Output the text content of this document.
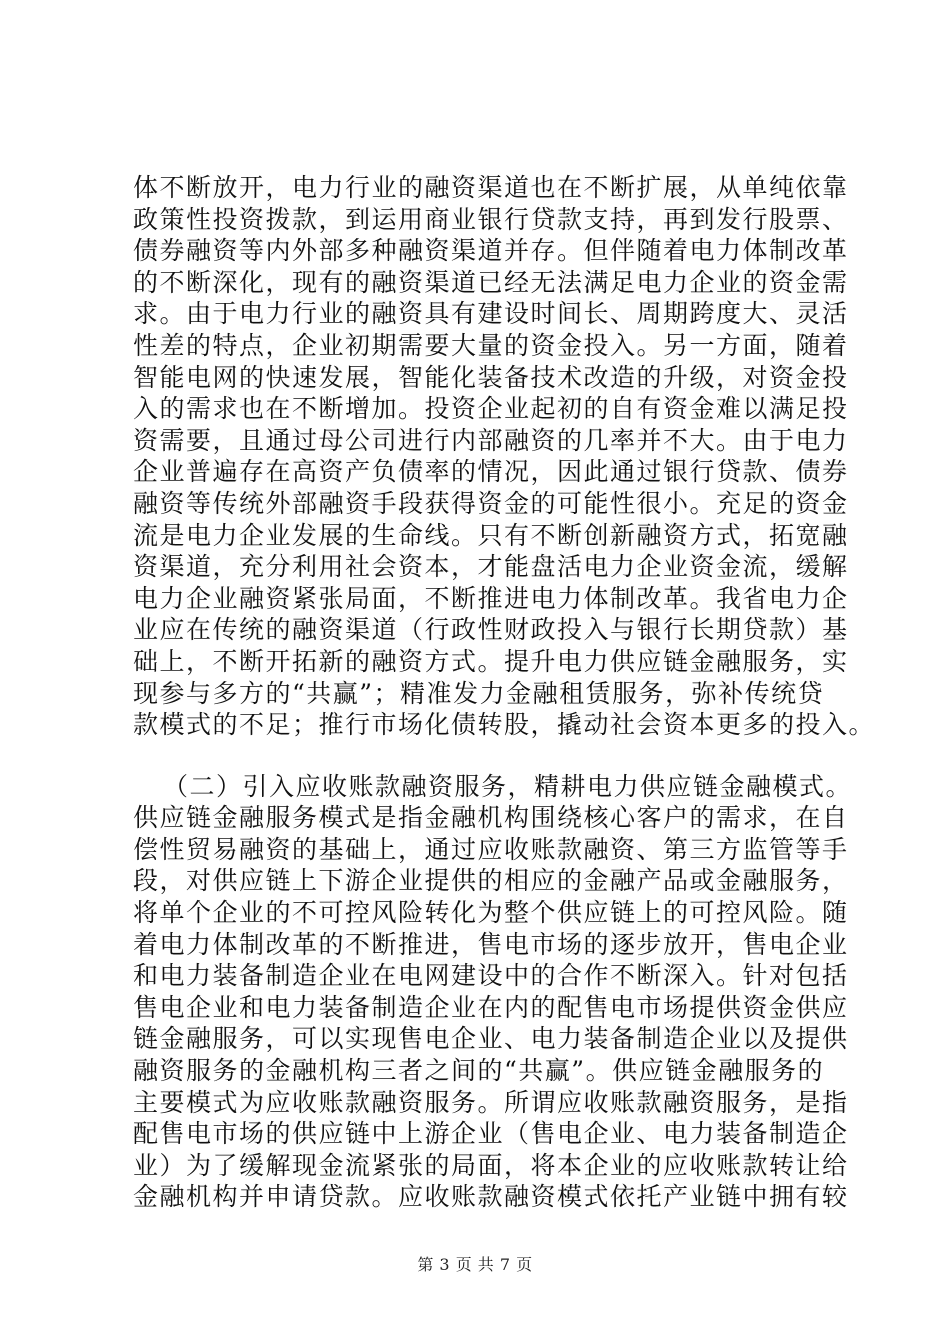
体不断放开，电力行业的融资渠道也在不断扩展，从单纯依靠
政策性投资拨款，到运用商业银行贷款支持，再到发行股票、
债券融资等内外部多种融资渠道并存。但伴随着电力体制改革
的不断深化，现有的融资渠道已经无法满足电力企业的资金需
求。由于电力行业的融资具有建设时间长、周期跨度大、灵活
性差的特点，企业初期需要大量的资金投入。另一方面，随着
智能电网的快速发展，智能化装备技术改造的升级，对资金投
入的需求也在不断增加。投资企业起初的自有资金难以满足投
资需要，且通过母公司进行内部融资的几率并不大。由于电力
企业普遍存在高资产负债率的情况，因此通过银行贷款、债券
融资等传统外部融资手段获得资金的可能性很小。充足的资金
流是电力企业发展的生命线。只有不断创新融资方式，拓宽融
资渠道，充分利用社会资本，才能盘活电力企业资金流，缓解
电力企业融资紧张局面，不断推进电力体制改革。我省电力企
业应在传统的融资渠道（行政性财政投入与银行长期贷款）基
础上，不断开拓新的融资方式。提升电力供应链金融服务，实
现参与多方的“共赢”；精准发力金融租赁服务，弥补传统贷
款模式的不足；推行市场化债转股，撬动社会资本更多的投入。
（二）引入应收账款融资服务，精耕电力供应链金融模式。
供应链金融服务模式是指金融机构围绕核心客户的需求，在自
偿性贸易融资的基础上，通过应收账款融资、第三方监管等手
段，对供应链上下游企业提供的相应的金融产品或金融服务，
将单个企业的不可控风险转化为整个供应链上的可控风险。随
着电力体制改革的不断推进，售电市场的逐步放开，售电企业
和电力装备制造企业在电网建设中的合作不断深入。针对包括
售电企业和电力装备制造企业在内的配售电市场提供资金供应
链金融服务，可以实现售电企业、电力装备制造企业以及提供
融资服务的金融机构三者之间的“共赢”。供应链金融服务的
主要模式为应收账款融资服务。所谓应收账款融资服务，是指
配售电市场的供应链中上游企业（售电企业、电力装备制造企
业）为了缓解现金流紧张的局面，将本企业的应收账款转让给
金融机构并申请贷款。应收账款融资模式依托产业链中拥有较
第 3 页 共 7 页
